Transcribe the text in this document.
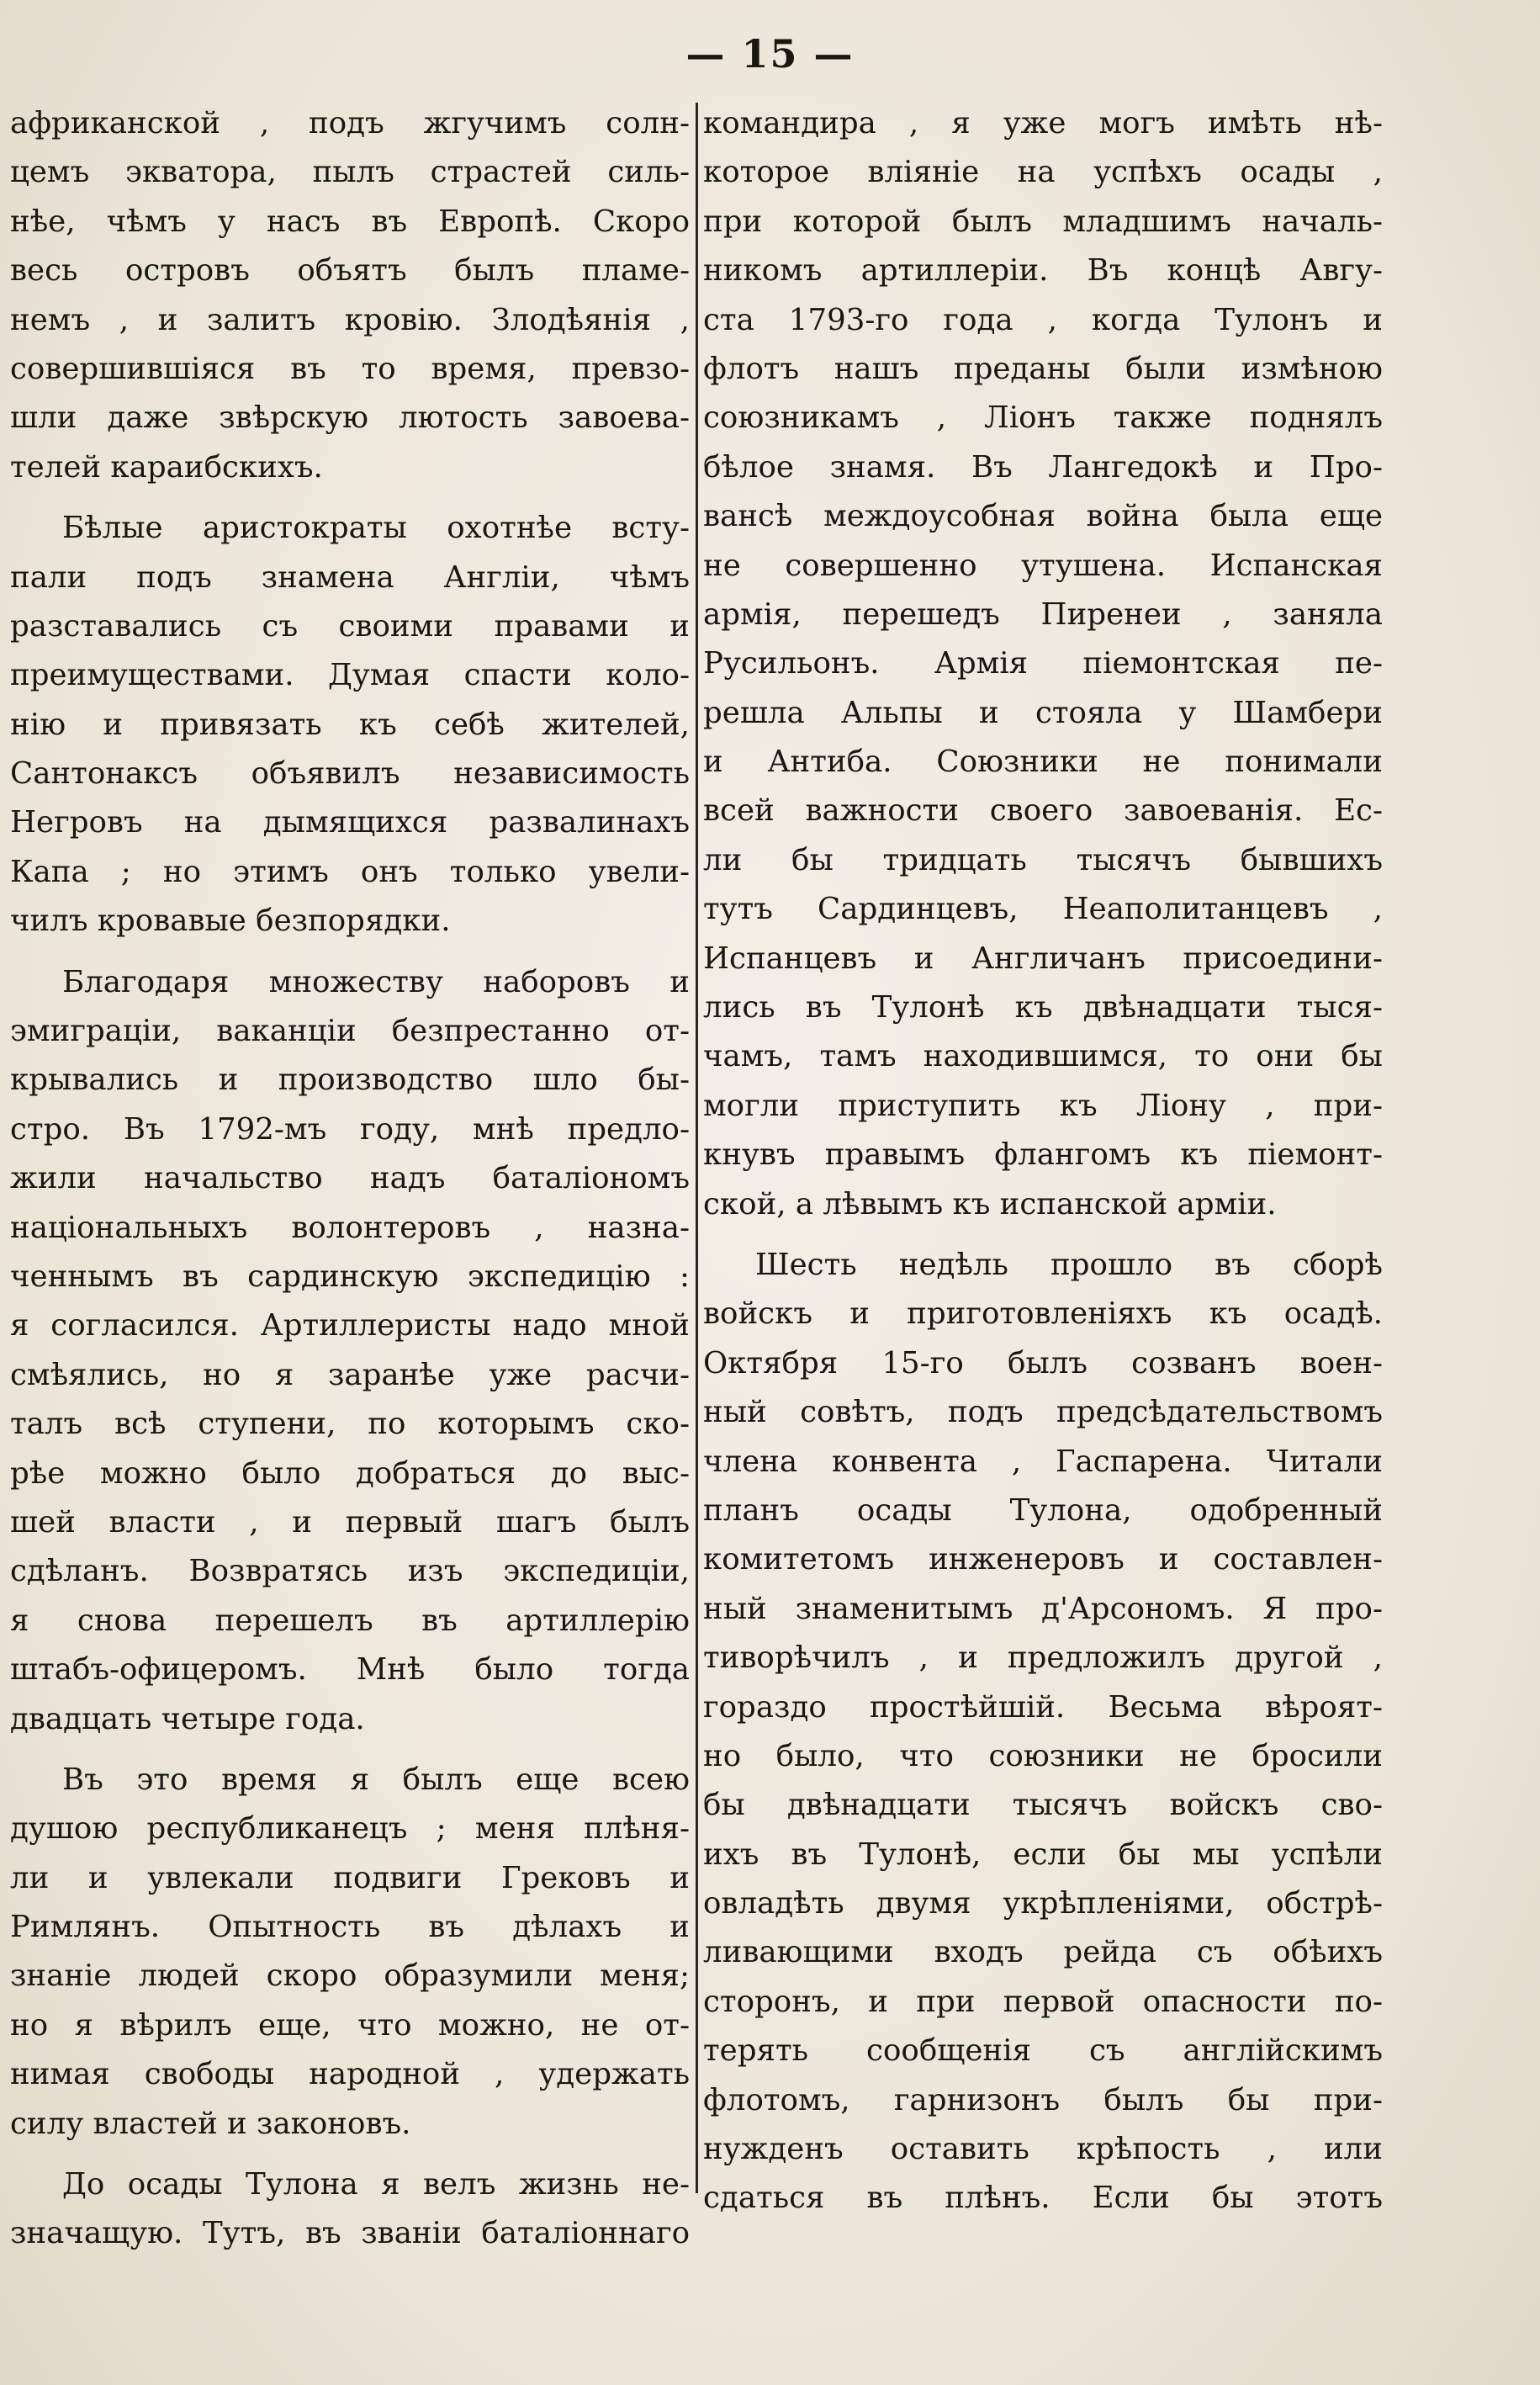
— 15 —
африканской , подъ жгучимъ солн-
цемъ экватора, пылъ страстей силь-
нѣе, чѣмъ у насъ въ Европѣ. Скоро
весь островъ объятъ былъ пламе-
немъ , и залитъ кровію. Злодѣянія ,
совершившіяся въ то время, превзо-
шли даже звѣрскую лютость завоева-
телей караибскихъ.
Бѣлые аристократы охотнѣе всту-
пали подъ знамена Англіи, чѣмъ
разставались съ своими правами и
преимуществами. Думая спасти коло-
нію и привязать къ себѣ жителей,
Сантонаксъ объявилъ независимость
Негровъ на дымящихся развалинахъ
Капа ; но этимъ онъ только увели-
чилъ кровавые безпорядки.
Благодаря множеству наборовъ и
эмиграціи, ваканціи безпрестанно от-
крывались и производство шло бы-
стро. Въ 1792-мъ году, мнѣ предло-
жили начальство надъ баталіономъ
національныхъ волонтеровъ , назна-
ченнымъ въ сардинскую экспедицію :
я согласился. Артиллеристы надо мной
смѣялись, но я заранѣе уже расчи-
талъ всѣ ступени, по которымъ ско-
рѣе можно было добраться до выс-
шей власти , и первый шагъ былъ
сдѣланъ. Возвратясь изъ экспедиціи,
я снова перешелъ въ артиллерію
штабъ-офицеромъ. Мнѣ было тогда
двадцать четыре года.
Въ это время я былъ еще всею
душою республиканецъ ; меня плѣня-
ли и увлекали подвиги Грековъ и
Римлянъ. Опытность въ дѣлахъ и
знаніе людей скоро образумили меня;
но я вѣрилъ еще, что можно, не от-
нимая свободы народной , удержать
силу властей и законовъ.
До осады Тулона я велъ жизнь не-
значащую. Тутъ, въ званіи баталіоннаго
командира , я уже могъ имѣть нѣ-
которое вліяніе на успѣхъ осады ,
при которой былъ младшимъ началь-
никомъ артиллеріи. Въ концѣ Авгу-
ста 1793-го года , когда Тулонъ и
флотъ нашъ преданы были измѣною
союзникамъ , Ліонъ также поднялъ
бѣлое знамя. Въ Лангедокѣ и Про-
вансѣ междоусобная война была еще
не совершенно утушена. Испанская
армія, перешедъ Пиренеи , заняла
Русильонъ. Армія піемонтская пе-
решла Альпы и стояла у Шамбери
и Антиба. Союзники не понимали
всей важности своего завоеванія. Ес-
ли бы тридцать тысячъ бывшихъ
тутъ Сардинцевъ, Неаполитанцевъ ,
Испанцевъ и Англичанъ присоедини-
лись въ Тулонѣ къ двѣнадцати тыся-
чамъ, тамъ находившимся, то они бы
могли приступить къ Ліону , при-
кнувъ правымъ флангомъ къ піемонт-
ской, а лѣвымъ къ испанской арміи.
Шесть недѣль прошло въ сборѣ
войскъ и приготовленіяхъ къ осадѣ.
Октября 15-го былъ созванъ воен-
ный совѣтъ, подъ предсѣдательствомъ
члена конвента , Гаспарена. Читали
планъ осады Тулона, одобренный
комитетомъ инженеровъ и составлен-
ный знаменитымъ д'Арсономъ. Я про-
тиворѣчилъ , и предложилъ другой ,
гораздо простѣйшій. Весьма вѣроят-
но было, что союзники не бросили
бы двѣнадцати тысячъ войскъ сво-
ихъ въ Тулонѣ, если бы мы успѣли
овладѣть двумя укрѣпленіями, обстрѣ-
ливающими входъ рейда съ обѣихъ
сторонъ, и при первой опасности по-
терять сообщенія съ англійскимъ
флотомъ, гарнизонъ былъ бы при-
нужденъ оставить крѣпость , или
сдаться въ плѣнъ. Если бы этотъ
